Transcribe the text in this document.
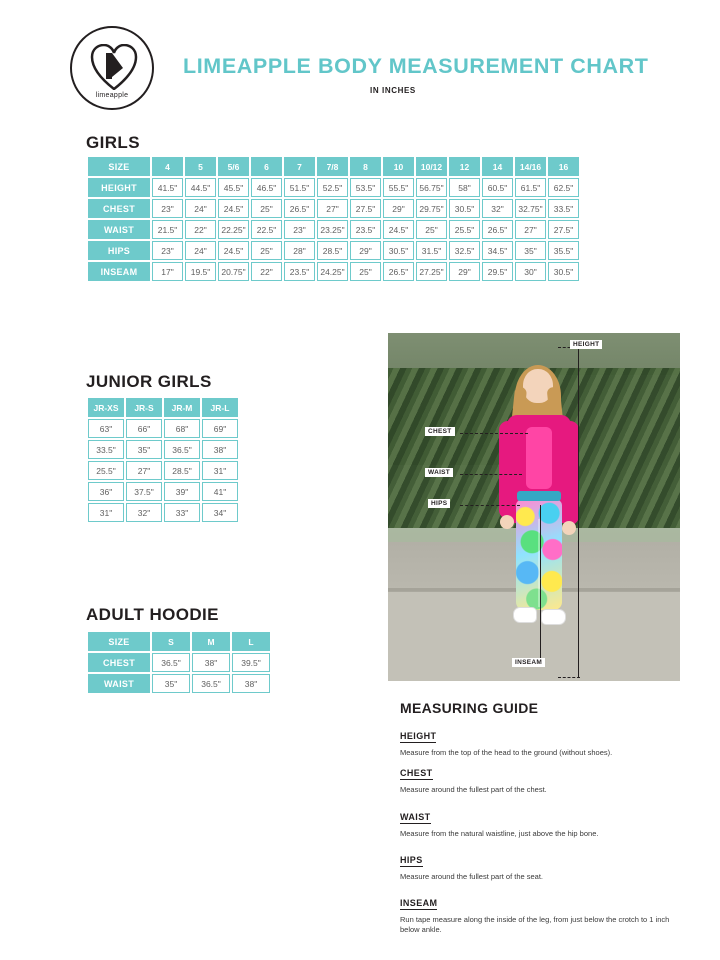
limeapple
LIMEAPPLE BODY MEASUREMENT CHART
IN INCHES
GIRLS
SIZE	4	5	5/6	6	7	7/8	8	10	10/12	12	14	14/16	16
HEIGHT	41.5"	44.5"	45.5"	46.5"	51.5"	52.5"	53.5"	55.5"	56.75"	58"	60.5"	61.5"	62.5"
CHEST	23"	24"	24.5"	25"	26.5"	27"	27.5"	29"	29.75"	30.5"	32"	32.75"	33.5"
WAIST	21.5"	22"	22.25"	22.5"	23"	23.25"	23.5"	24.5"	25"	25.5"	26.5"	27"	27.5"
HIPS	23"	24"	24.5"	25"	28"	28.5"	29"	30.5"	31.5"	32.5"	34.5"	35"	35.5"
INSEAM	17"	19.5"	20.75"	22"	23.5"	24.25"	25"	26.5"	27.25"	29"	29.5"	30"	30.5"
JUNIOR GIRLS
JR-XS	JR-S	JR-M	JR-L
63"	66"	68"	69"
33.5"	35"	36.5"	38"
25.5"	27"	28.5"	31"
36"	37.5"	39"	41"
31"	32"	33"	34"
ADULT HOODIE
SIZE	S	M	L
CHEST	36.5"	38"	39.5"
WAIST	35"	36.5"	38"
HEIGHT
CHEST
WAIST
HIPS
INSEAM
MEASURING GUIDE
HEIGHT
Measure from the top of the head to the ground (without shoes).
CHEST
Measure around the fullest part of the chest.
WAIST
Measure from the natural waistline, just above the hip bone.
HIPS
Measure around the fullest part of the seat.
INSEAM
Run tape measure along the inside of the leg, from just below the crotch to 1 inch below ankle.
